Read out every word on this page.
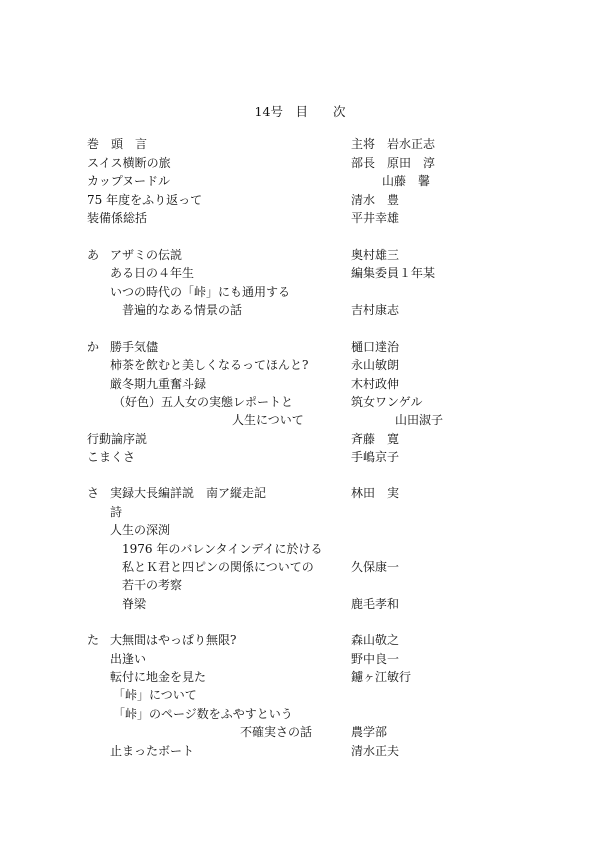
14号　目　　次
巻　頭　言	主将　岩水正志
スイス横断の旅	部長　原田　淳
カップヌードル	山藤　馨
75 年度をふり返って	清水　豊
装備係総括	平井幸雄
あ アザミの伝説	奥村雄三
ある日の４年生	編集委員１年某
いつの時代の「峠」にも通用する
普遍的なある情景の話	吉村康志
か 勝手気儘	樋口達治
柿茶を飲むと美しくなるってほんと?	永山敏朗
厳冬期九重奮斗録	木村政伸
（好色）五人女の実態レポートと	筑女ワンゲル
人生について	山田淑子
行動論序説	斉藤　寛
こまくさ	手嶋京子
さ 実録大長編詳説　南ア縦走記	林田　実
詩
人生の深渕
1976 年のバレンタインデイに於ける
私とＫ君と四ピンの関係についての	久保康一
若干の考察
脊梁	鹿毛孝和
た 大無間はやっぱり無限?	森山敬之
出逢い	野中良一
転付に地金を見た	鑢ヶ江敏行
「峠」について
「峠」のページ数をふやすという
不確実さの話	農学部
止まったボート	清水正夫
